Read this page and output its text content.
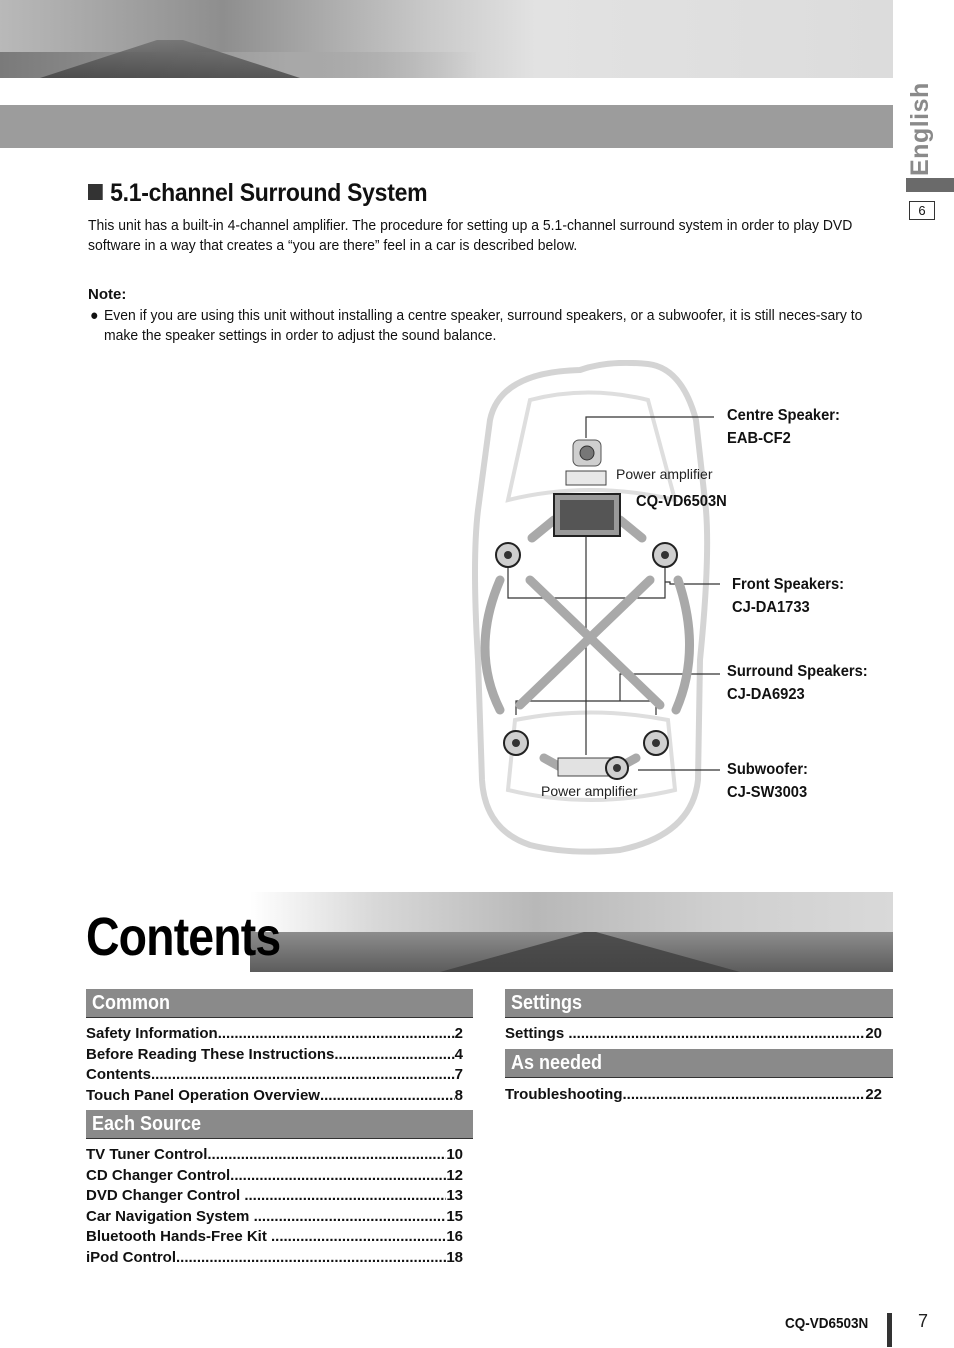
English
6
5.1-channel Surround System
This unit has a built-in 4-channel amplifier. The procedure for setting up a 5.1-channel surround system in order to play DVD software in a way that creates a “you are there” feel in a car is described below.
Note:
● Even if you are using this unit without installing a centre speaker, surround speakers, or a subwoofer, it is still neces-sary to make the speaker settings in order to adjust the sound balance.
Centre Speaker:
EAB-CF2
Power amplifier
CQ-VD6503N
Front Speakers:
CJ-DA1733
Surround Speakers:
CJ-DA6923
Subwoofer:
CJ-SW3003
Power amplifier
Contents
Common
Safety Information .....	2
Before Reading These Instructions .....	4
Contents .....	7
Touch Panel Operation Overview .....	8
Each Source
TV Tuner Control .....	10
CD Changer Control .....	12
DVD Changer Control .....	13
Car Navigation System .....	15
Bluetooth Hands-Free Kit .....	16
iPod Control .....	18
Settings
Settings .....	20
As needed
Troubleshooting .....	22
CQ-VD6503N	7
